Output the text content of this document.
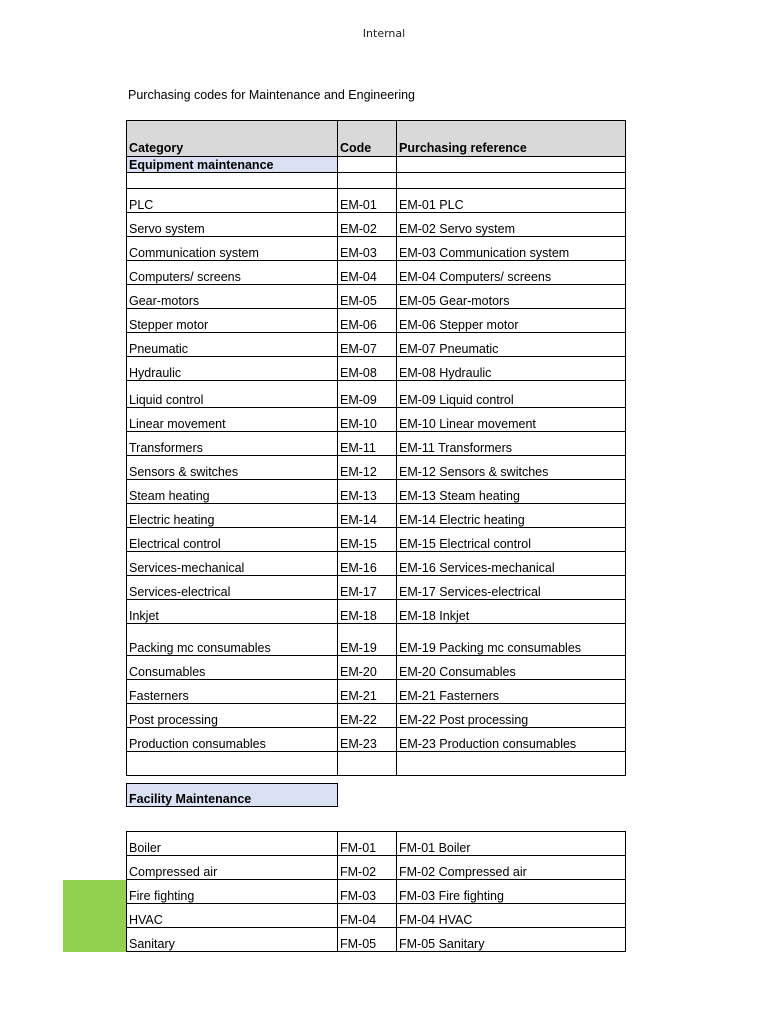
Internal
Purchasing codes for Maintenance and Engineering
Category	Code	Purchasing reference
Equipment maintenance		

PLC	EM-01	EM-01 PLC
Servo system	EM-02	EM-02 Servo system
Communication system	EM-03	EM-03 Communication system
Computers/ screens	EM-04	EM-04 Computers/ screens
Gear-motors	EM-05	EM-05 Gear-motors
Stepper motor	EM-06	EM-06 Stepper motor
Pneumatic	EM-07	EM-07 Pneumatic
Hydraulic	EM-08	EM-08 Hydraulic
Liquid control	EM-09	EM-09 Liquid control
Linear movement	EM-10	EM-10 Linear movement
Transformers	EM-11	EM-11 Transformers
Sensors & switches	EM-12	EM-12 Sensors & switches
Steam heating	EM-13	EM-13 Steam heating
Electric heating	EM-14	EM-14 Electric heating
Electrical control	EM-15	EM-15 Electrical control
Services-mechanical	EM-16	EM-16 Services-mechanical
Services-electrical	EM-17	EM-17 Services-electrical
Inkjet	EM-18	EM-18 Inkjet
Packing mc consumables	EM-19	EM-19 Packing mc consumables
Consumables	EM-20	EM-20 Consumables
Fasterners	EM-21	EM-21 Fasterners
Post processing	EM-22	EM-22 Post processing
Production consumables	EM-23	EM-23 Production consumables

Facility Maintenance		
Boiler	FM-01	FM-01 Boiler
Compressed air	FM-02	FM-02 Compressed air
Fire fighting	FM-03	FM-03 Fire fighting
HVAC	FM-04	FM-04 HVAC
Sanitary	FM-05	FM-05 Sanitary
